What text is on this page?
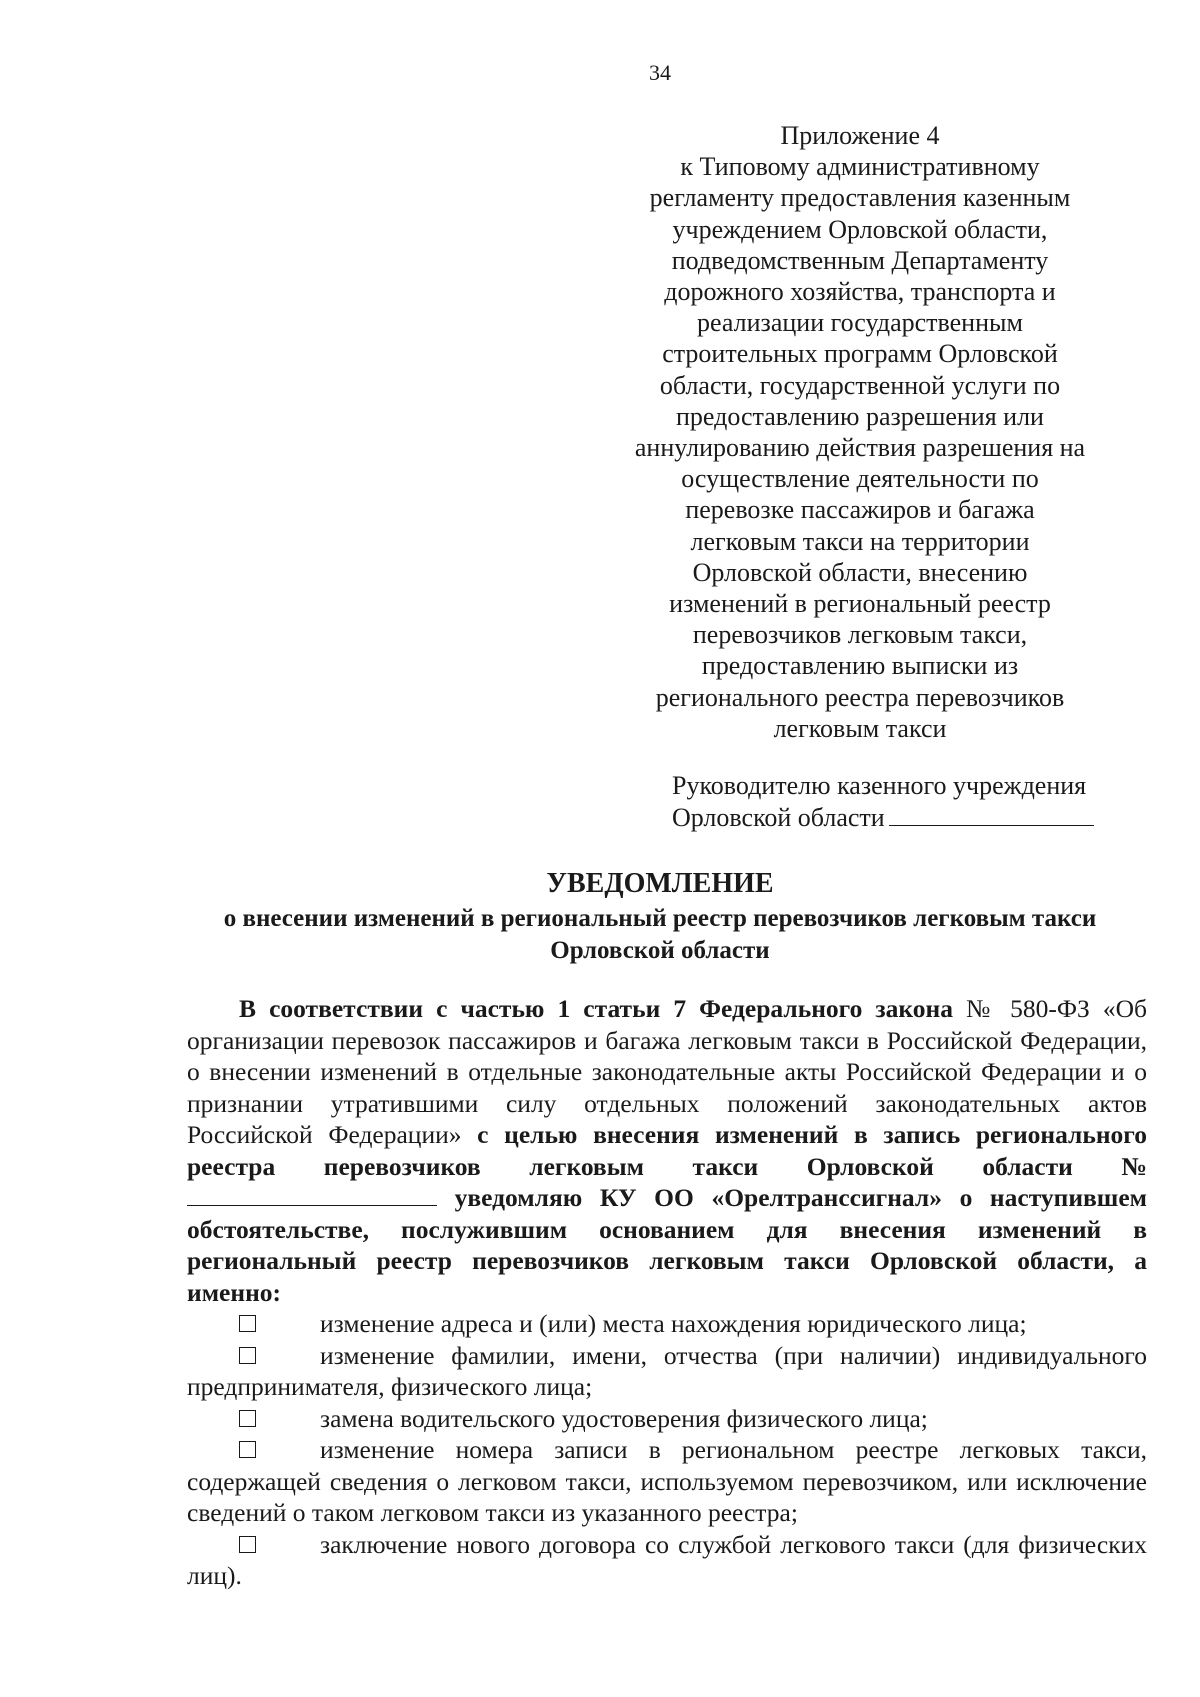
34
Приложение 4
к Типовому административному
регламенту предоставления казенным
учреждением Орловской области,
подведомственным Департаменту
дорожного хозяйства, транспорта и
реализации государственным
строительных программ Орловской
области, государственной услуги по
предоставлению разрешения или
аннулированию действия разрешения на
осуществление деятельности по
перевозке пассажиров и багажа
легковым такси на территории
Орловской области, внесению
изменений в региональный реестр
перевозчиков легковым такси,
предоставлению выписки из
регионального реестра перевозчиков
легковым такси
Руководителю казенного учреждения
Орловской области
УВЕДОМЛЕНИЕ
о внесении изменений в региональный реестр перевозчиков легковым такси
Орловской области

В соответствии с частью 1 статьи 7 Федерального закона № 580-ФЗ «Об организации перевозок пассажиров и багажа легковым такси в Российской Федерации, о внесении изменений в отдельные законодательные акты Российской Федерации и о признании утратившими силу отдельных положений законодательных актов Российской Федерации» с целью внесения изменений в запись регионального реестра перевозчиков легковым такси Орловской области №  уведомляю КУ ОО «Орелтранссигнал» о наступившем обстоятельстве, послужившим основанием для внесения изменений в региональный реестр перевозчиков легковым такси Орловской области, а именно:

изменение адреса и (или) места нахождения юридического лица;

изменение фамилии, имени, отчества (при наличии) индивидуального предпринимателя, физического лица;

замена водительского удостоверения физического лица;

изменение номера записи в региональном реестре легковых такси, содержащей сведения о легковом такси, используемом перевозчиком, или исключение сведений о таком легковом такси из указанного реестра;

заключение нового договора со службой легкового такси (для физических лиц).
